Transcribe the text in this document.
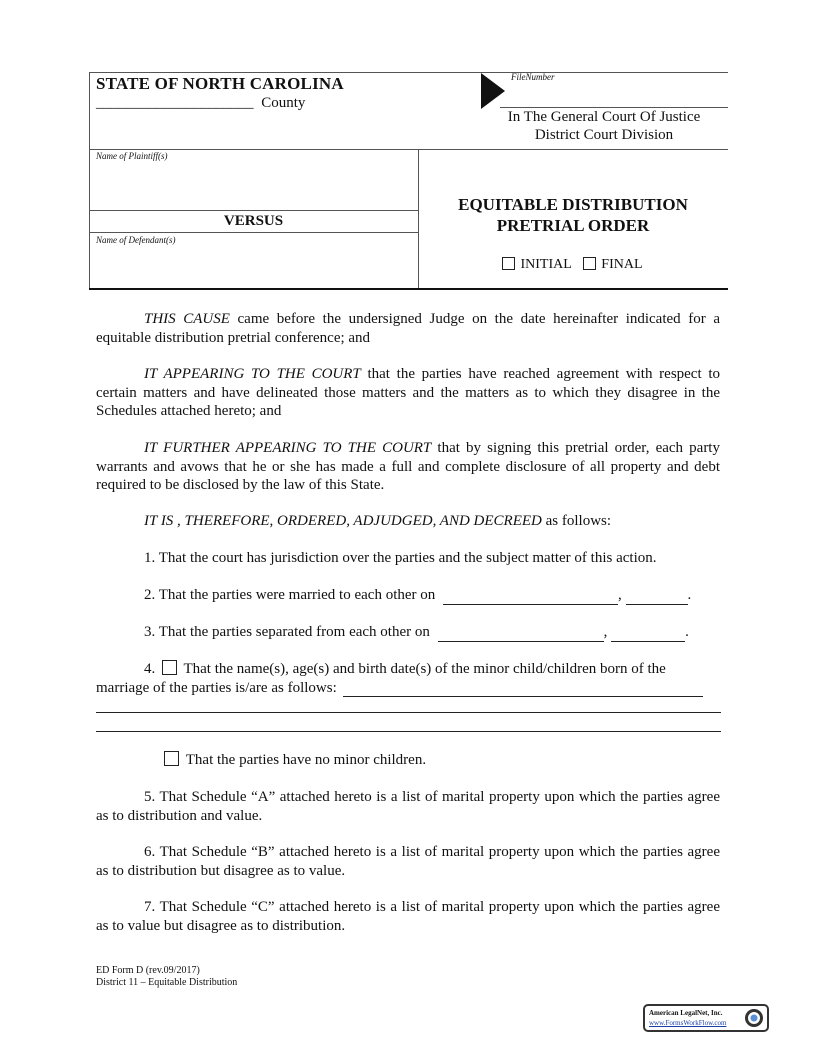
STATE OF NORTH CAROLINA
_____________________ County
FileNumber
In The General Court Of Justice
District Court Division
Name of Plaintiff(s)
VERSUS
Name of Defendant(s)
EQUITABLE DISTRIBUTION
PRETRIAL ORDER
INITIAL FINAL
THIS CAUSE came before the undersigned Judge on the date hereinafter indicated for a equitable distribution pretrial conference; and
IT APPEARING TO THE COURT that the parties have reached agreement with respect to certain matters and have delineated those matters and the matters as to which they disagree in the Schedules attached hereto; and
IT FURTHER APPEARING TO THE COURT that by signing this pretrial order, each party warrants and avows that he or she has made a full and complete disclosure of all property and debt required to be disclosed by the law of this State.
IT IS , THEREFORE, ORDERED, ADJUDGED, AND DECREED as follows:
1. That the court has jurisdiction over the parties and the subject matter of this action.
2. That the parties were married to each other on	,	.
3. That the parties separated from each other on	,	.
4. That the name(s), age(s) and birth date(s) of the minor child/children born of the
marriage of the parties is/are as follows:
That the parties have no minor children.
5. That Schedule “A” attached hereto is a list of marital property upon which the parties agree as to distribution and value.
6. That Schedule “B” attached hereto is a list of marital property upon which the parties agree as to distribution but disagree as to value.
7. That Schedule “C” attached hereto is a list of marital property upon which the parties agree as to value but disagree as to distribution.
ED Form D (rev.09/2017)
District 11 – Equitable Distribution
American LegalNet, Inc.
www.FormsWorkFlow.com
